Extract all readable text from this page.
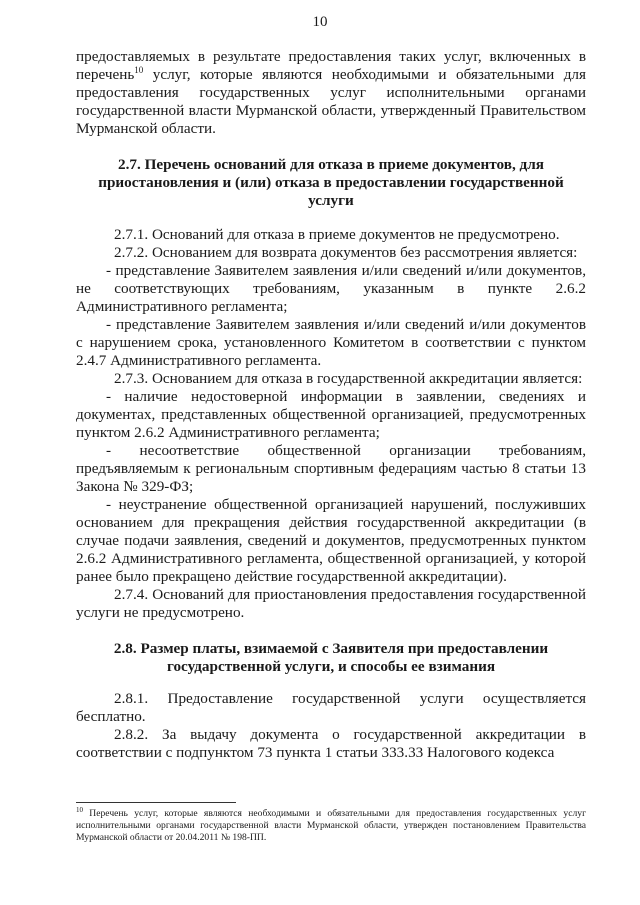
10

предоставляемых в результате предоставления таких услуг, включенных в перечень$^{10}$ услуг, которые являются необходимыми и обязательными для предоставления государственных услуг исполнительными органами государственной власти Мурманской области, утвержденный Правительством Мурманской области.

2.7. Перечень оснований для отказа в приеме документов, для приостановления и (или) отказа в предоставлении государственной услуги

2.7.1. Оснований для отказа в приеме документов не предусмотрено.

2.7.2. Основанием для возврата документов без рассмотрения является:

- представление Заявителем заявления и/или сведений и/или документов, не соответствующих требованиям, указанным в пункте 2.6.2 Административного регламента;

- представление Заявителем заявления и/или сведений и/или документов с нарушением срока, установленного Комитетом в соответствии с пунктом 2.4.7 Административного регламента.

2.7.3. Основанием для отказа в государственной аккредитации является:

- наличие недостоверной информации в заявлении, сведениях и документах, представленных общественной организацией, предусмотренных пунктом 2.6.2 Административного регламента;

- несоответствие общественной организации требованиям, предъявляемым к региональным спортивным федерациям частью 8 статьи 13 Закона № 329-ФЗ;

- неустранение общественной организацией нарушений, послуживших основанием для прекращения действия государственной аккредитации (в случае подачи заявления, сведений и документов, предусмотренных пунктом 2.6.2 Административного регламента, общественной организацией, у которой ранее было прекращено действие государственной аккредитации).

2.7.4. Оснований для приостановления предоставления государственной услуги не предусмотрено.

2.8. Размер платы, взимаемой с Заявителя при предоставлении государственной услуги, и способы ее взимания

2.8.1. Предоставление государственной услуги осуществляется бесплатно.

2.8.2. За выдачу документа о государственной аккредитации в соответствии с подпунктом 73 пункта 1 статьи 333.33 Налогового кодекса

$^{10}$ Перечень услуг, которые являются необходимыми и обязательными для предоставления государственных услуг исполнительными органами государственной власти Мурманской области, утвержден постановлением Правительства Мурманской области от 20.04.2011 № 198-ПП.
